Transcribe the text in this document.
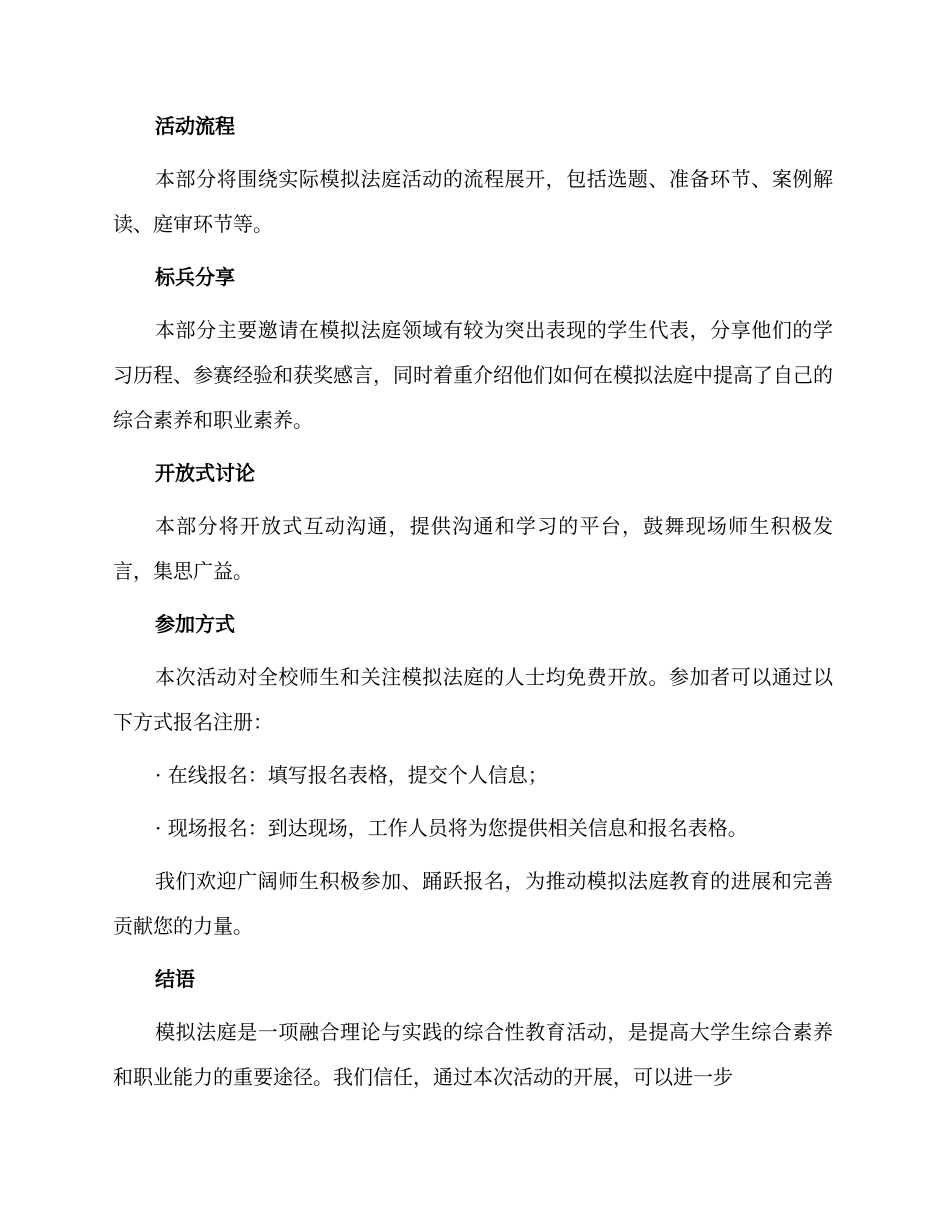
活动流程
本部分将围绕实际模拟法庭活动的流程展开，包括选题、准备环节、案例解读、庭审环节等。
标兵分享
本部分主要邀请在模拟法庭领域有较为突出表现的学生代表，分享他们的学习历程、参赛经验和获奖感言，同时着重介绍他们如何在模拟法庭中提高了自己的综合素养和职业素养。
开放式讨论
本部分将开放式互动沟通，提供沟通和学习的平台，鼓舞现场师生积极发言，集思广益。
参加方式
本次活动对全校师生和关注模拟法庭的人士均免费开放。参加者可以通过以下方式报名注册：
· 在线报名：填写报名表格，提交个人信息；
· 现场报名：到达现场，工作人员将为您提供相关信息和报名表格。
我们欢迎广阔师生积极参加、踊跃报名，为推动模拟法庭教育的进展和完善贡献您的力量。
结语
模拟法庭是一项融合理论与实践的综合性教育活动，是提高大学生综合素养和职业能力的重要途径。我们信任，通过本次活动的开展，可以进一步
